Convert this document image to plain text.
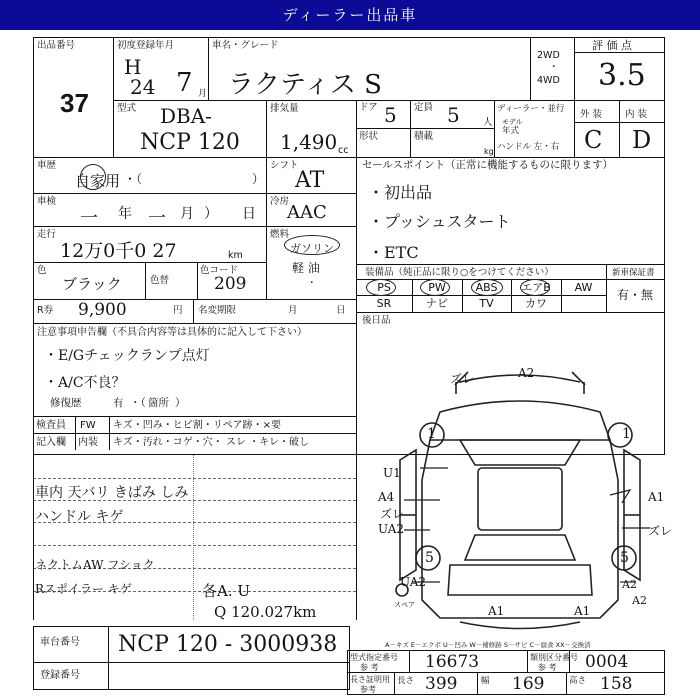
ディーラー出品車
出品番号
37
初度登録年月
H
24 7 月
車名・グレード
ラクティス S
2WD
・
4WD
評 価 点
3.5
型式 DBA-
NCP 120
排気量
1,490 cc
ドア 5 定員 5 人
ディーラー・並行
モデル
年式
形状	積載
kg ハンドル 左・右
外 装 内 装
C D
車歴
自家用 ・（	）
シフト
AT
車検
一 年 一 月 ） 日
冷房
AAC
走行
12万0千0 27	km
燃料
ガソリン
軽 油
・
色
ブラック	色替
色コード
209
R券 9,900	円 名変期限	月	日
セールスポイント（正常に機能するものに限ります）
・初出品
・プッシュスタート
・ETC
装備品（純正品に限り○をつけてください）	新車保証書
PS	PW	ABS	エアB	AW
SR	ナビ	TV	カワ
有・無
後日品
注意事項申告欄（不具合内容等は具体的に記入して下さい）
・E/Gチェックランプ点灯
・A/C不良？
修復歴	有 ・（ 箇所 ）
検査員 FW キズ・凹み・ヒビ割・リペア跡・×要
記入欄 内装 キズ・汚れ・コゲ・穴・ スレ ・キレ・破し
車内 天バリ きばみ しみ
ハンドル キゲ
ネクトムAW フショク
Rスポイラー キゲ	各A. U
Q 120.027km
車台番号 NCP 120 - 3000938
登録番号
型式指定番号
参 考	16673	類別区分番号
参 考 0004
長さ証明用
参考
長さ 399	幅 169	高さ 158
A－キズ E－エクボ U－凹み W－補修跡 S－サビ C－腐食 XX－交換済
ズレ	A2
1	1
U1
A4
ズレ
UA2
A1
ズレ
5	5
UA2
スペア
A2
A2
A1	A1
